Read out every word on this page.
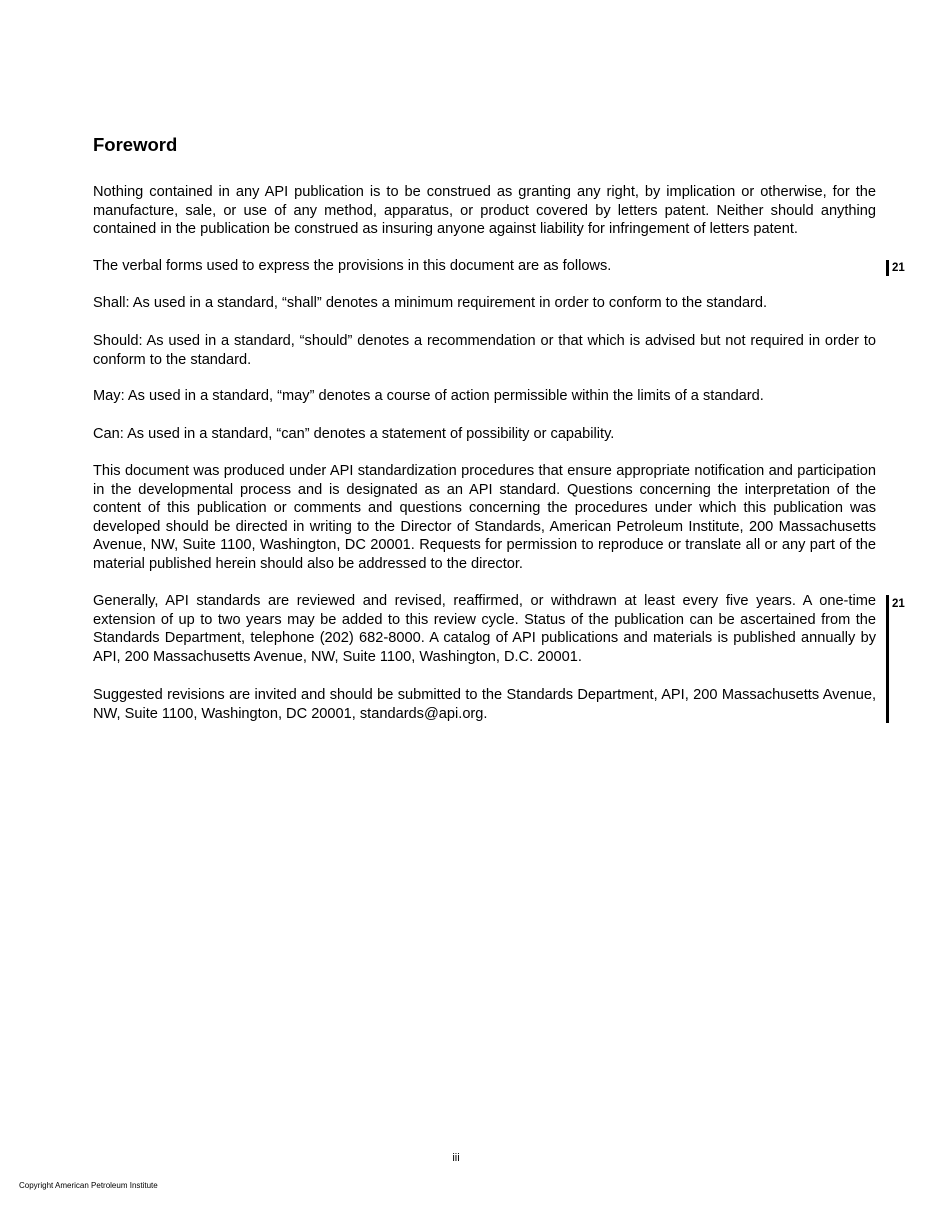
Foreword

Nothing contained in any API publication is to be construed as granting any right, by implication or otherwise, for the manufacture, sale, or use of any method, apparatus, or product covered by letters patent. Neither should anything contained in the publication be construed as insuring anyone against liability for infringement of letters patent.

The verbal forms used to express the provisions in this document are as follows.

Shall: As used in a standard, “shall” denotes a minimum requirement in order to conform to the standard.

Should: As used in a standard, “should” denotes a recommendation or that which is advised but not required in order to conform to the standard.

May: As used in a standard, “may” denotes a course of action permissible within the limits of a standard.

Can: As used in a standard, “can” denotes a statement of possibility or capability.

This document was produced under API standardization procedures that ensure appropriate notification and participation in the developmental process and is designated as an API standard. Questions concerning the interpretation of the content of this publication or comments and questions concerning the procedures under which this publication was developed should be directed in writing to the Director of Standards, American Petroleum Institute, 200 Massachusetts Avenue, NW, Suite 1100, Washington, DC 20001. Requests for permission to reproduce or translate all or any part of the material published herein should also be addressed to the director.

Generally, API standards are reviewed and revised, reaffirmed, or withdrawn at least every five years. A one-time extension of up to two years may be added to this review cycle. Status of the publication can be ascertained from the Standards Department, telephone (202) 682-8000. A catalog of API publications and materials is published annually by API, 200 Massachusetts Avenue, NW, Suite 1100, Washington, D.C. 20001.

Suggested revisions are invited and should be submitted to the Standards Department, API, 200 Massachusetts Avenue, NW, Suite 1100, Washington, DC 20001, standards@api.org.

21
21
iii
Copyright American Petroleum Institute
